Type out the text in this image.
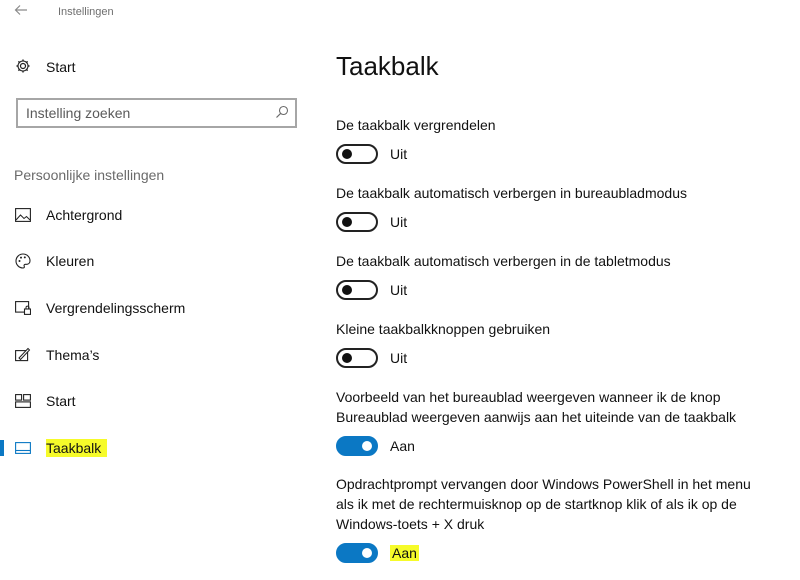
Instellingen
Start
Instelling zoeken
Persoonlijke instellingen
Achtergrond
Kleuren
Vergrendelingsscherm
Thema’s
Start
Taakbalk
Taakbalk
De taakbalk vergrendelen
Uit
De taakbalk automatisch verbergen in bureaubladmodus
Uit
De taakbalk automatisch verbergen in de tabletmodus
Uit
Kleine taakbalkknoppen gebruiken
Uit
Voorbeeld van het bureaublad weergeven wanneer ik de knop Bureaublad weergeven aanwijs aan het uiteinde van de taakbalk
Aan
Opdrachtprompt vervangen door Windows PowerShell in het menu als ik met de rechtermuisknop op de startknop klik of als ik op de Windows-toets + X druk
Aan
